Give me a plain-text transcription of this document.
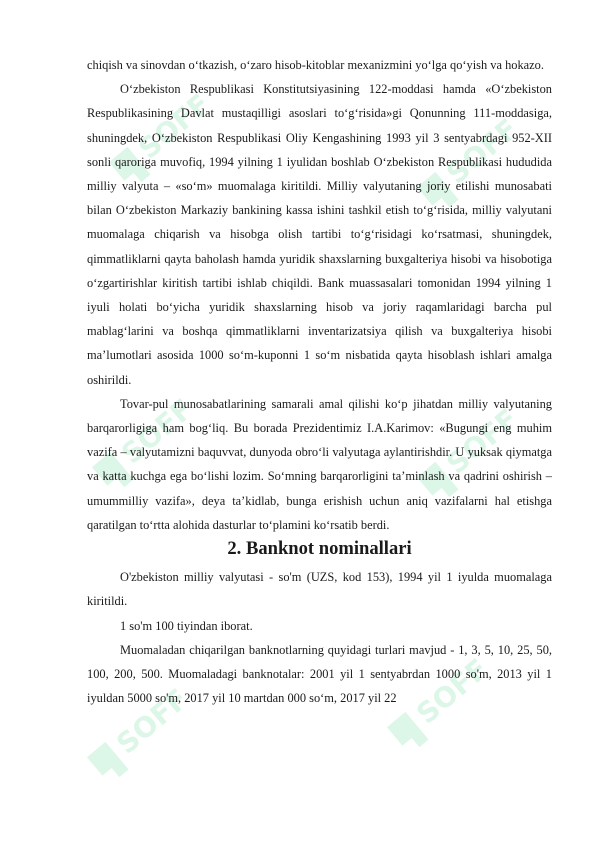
SOFF	SOFF
SOFF	SOFF
SOFF	SOFF

chiqish va sinovdan o‘tkazish, o‘zaro hisob-kitoblar mexanizmini yo‘lga qo‘yish va hokazo.

O‘zbekiston Respublikasi Konstitutsiyasining 122-moddasi hamda «O‘zbekiston Respublikasining Davlat mustaqilligi asoslari to‘g‘risida»gi Qonunning 111-moddasiga, shuningdek, O‘zbekiston Respublikasi Oliy Kengashining 1993 yil 3 sentyabrdagi 952-XII sonli qaroriga muvofiq, 1994 yilning 1 iyulidan boshlab O‘zbekiston Respublikasi hududida milliy valyuta – «so‘m» muomalaga kiritildi. Milliy valyutaning joriy etilishi munosabati bilan O‘zbekiston Markaziy bankining kassa ishini tashkil etish to‘g‘risida, milliy valyutani muomalaga chiqarish va hisobga olish tartibi to‘g‘risidagi ko‘rsatmasi, shuningdek, qimmatliklarni qayta baholash hamda yuridik shaxslarning buxgalteriya hisobi va hisobotiga o‘zgartirishlar kiritish tartibi ishlab chiqildi. Bank muassasalari tomonidan 1994 yilning 1 iyuli holati bo‘yicha yuridik shaxslarning hisob va joriy raqamlaridagi barcha pul mablag‘larini va boshqa qimmatliklarni inventarizatsiya qilish va buxgalteriya hisobi ma’lumotlari asosida 1000 so‘m-kuponni 1 so‘m nisbatida qayta hisoblash ishlari amalga oshirildi.

Tovar-pul munosabatlarining samarali amal qilishi ko‘p jihatdan milliy valyutaning barqarorligiga ham bog‘liq. Bu borada Prezidentimiz I.A.Karimov: «Bugungi eng muhim vazifa – valyutamizni baquvvat, dunyoda obro‘li valyutaga aylantirishdir. U yuksak qiymatga va katta kuchga ega bo‘lishi lozim. So‘mning barqarorligini ta’minlash va qadrini oshirish – umummilliy vazifa», deya ta’kidlab, bunga erishish uchun aniq vazifalarni hal etishga qaratilgan to‘rtta alohida dasturlar to‘plamini ko‘rsatib berdi.

2. Banknot nominallari

O'zbekiston milliy valyutasi - so'm (UZS, kod 153), 1994 yil 1 iyulda muomalaga kiritildi.

1 so'm 100 tiyindan iborat.

Muomaladan chiqarilgan banknotlarning quyidagi turlari mavjud - 1, 3, 5, 10, 25, 50, 100, 200, 500. Muomaladagi banknotalar: 2001 yil 1 sentyabrdan 1000 so'm, 2013 yil 1 iyuldan 5000 so'm, 2017 yil 10 martdan 000 so‘m, 2017 yil 22
